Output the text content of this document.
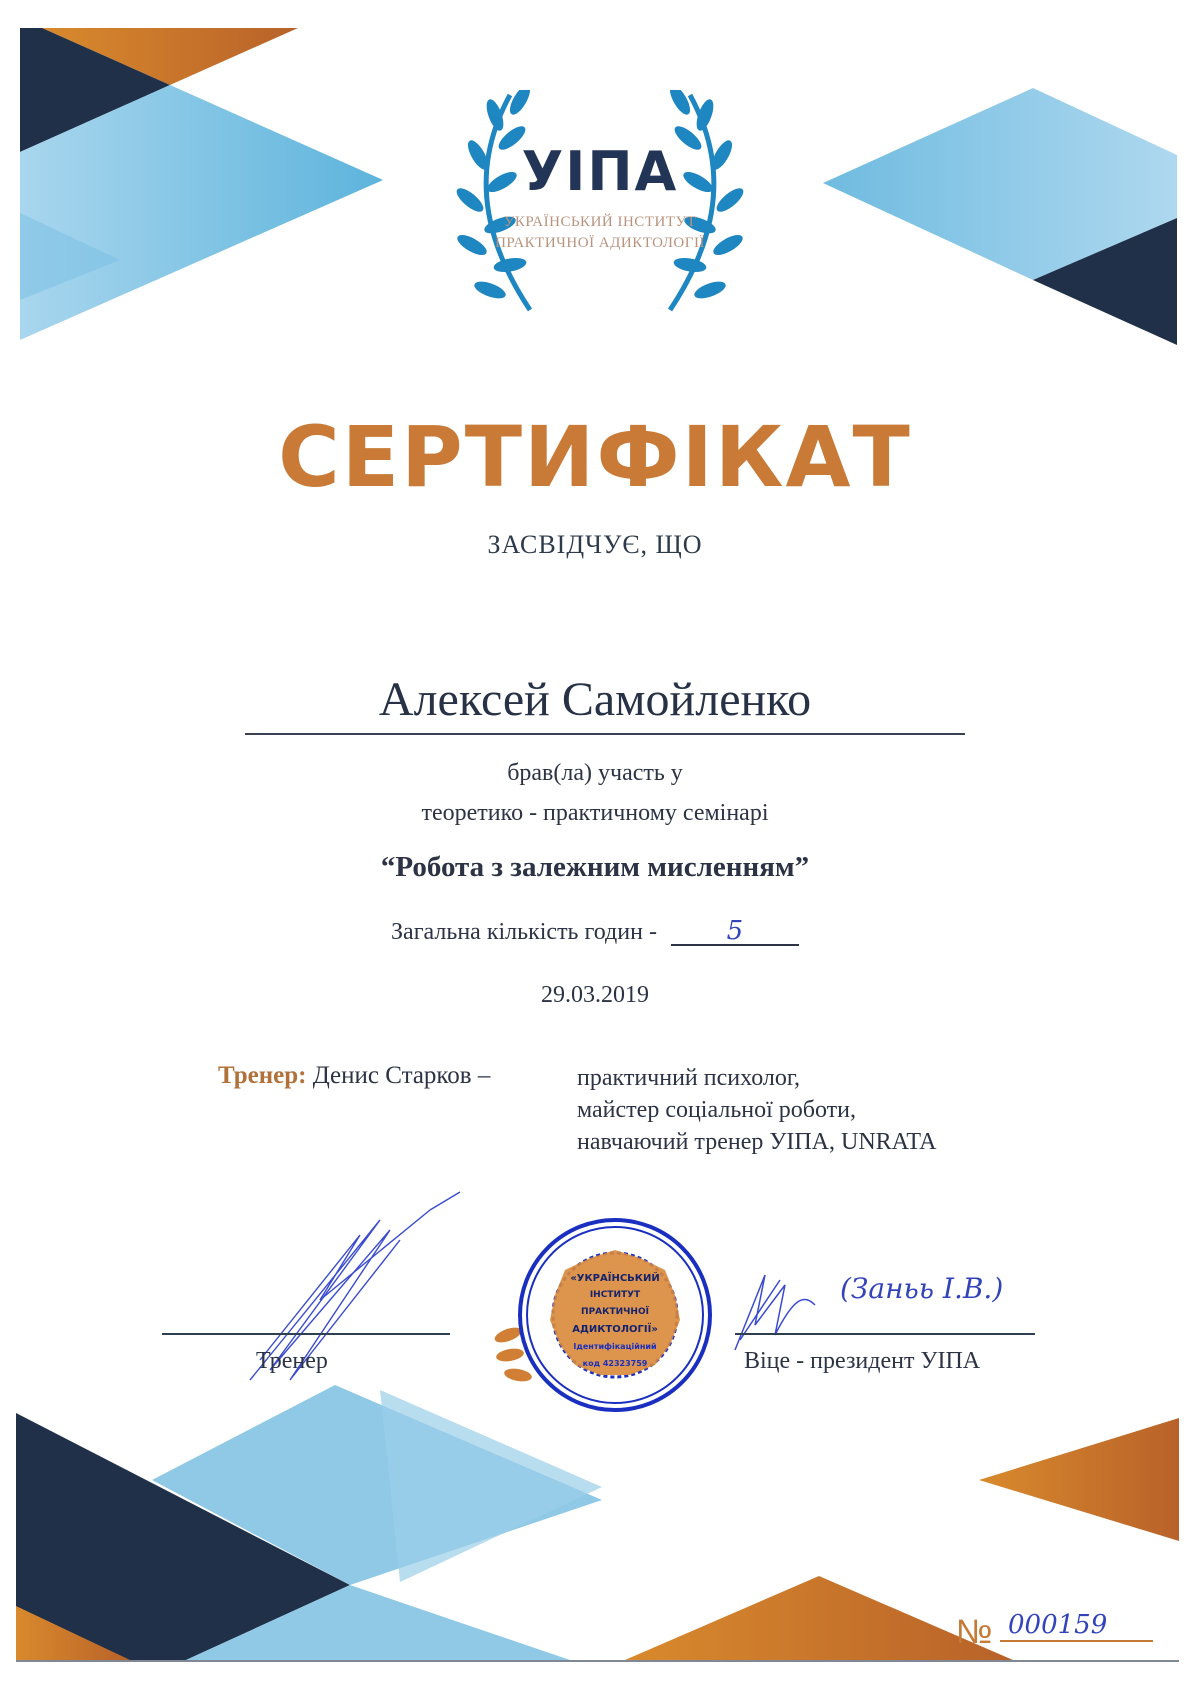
УІПА
УКРАЇНСЬКИЙ ІНСТИТУТ
ПРАКТИЧНОЇ АДИКТОЛОГІЇ
СЕРТИФІКАТ
ЗАСВІДЧУЄ, ЩО
Алексей Самойленко
брав(ла) участь у
теоретико - практичному семінарі
“Робота з залежним мисленням”
Загальна кількість годин -	5
29.03.2019
Тренер: Денис Старков –	практичний психолог,
майстер соціальної роботи,
навчаючий тренер УІПА, UNRATA
Тренер
«УКРАЇНСЬКИЙ
ІНСТИТУТ ПРАКТИЧНОЇ
АДИКТОЛОГІЇ»
Ідентифікаційний
код 42323759
(Заньь І.В.)
Віце - президент УІПА
№ 000159
